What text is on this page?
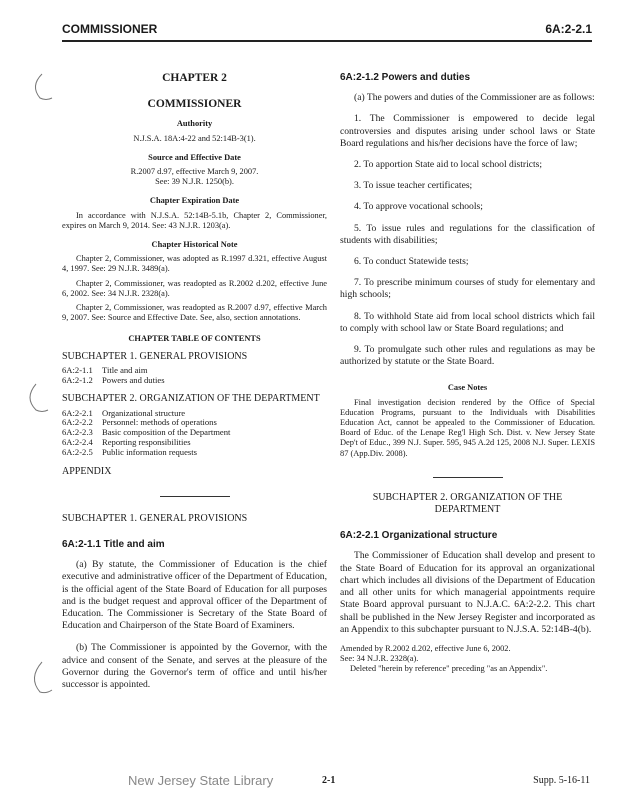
COMMISSIONER	6A:2-2.1

CHAPTER 2

COMMISSIONER

Authority

N.J.S.A. 18A:4-22 and 52:14B-3(1).

Source and Effective Date

R.2007 d.97, effective March 9, 2007.

See: 39 N.J.R. 1250(b).

Chapter Expiration Date

In accordance with N.J.S.A. 52:14B-5.1b, Chapter 2, Commissioner, expires on March 9, 2014. See: 43 N.J.R. 1203(a).

Chapter Historical Note

Chapter 2, Commissioner, was adopted as R.1997 d.321, effective August 4, 1997. See: 29 N.J.R. 3489(a).

Chapter 2, Commissioner, was readopted as R.2002 d.202, effective June 6, 2002. See: 34 N.J.R. 2328(a).

Chapter 2, Commissioner, was readopted as R.2007 d.97, effective March 9, 2007. See: Source and Effective Date. See, also, section annotations.

CHAPTER TABLE OF CONTENTS

SUBCHAPTER 1. GENERAL PROVISIONS

6A:2-1.1	Title and aim
6A:2-1.2	Powers and duties

SUBCHAPTER 2. ORGANIZATION OF THE DEPARTMENT

6A:2-2.1	Organizational structure
6A:2-2.2	Personnel: methods of operations
6A:2-2.3	Basic composition of the Department
6A:2-2.4	Reporting responsibilities
6A:2-2.5	Public information requests

APPENDIX

SUBCHAPTER 1. GENERAL PROVISIONS

6A:2-1.1 Title and aim

(a) By statute, the Commissioner of Education is the chief executive and administrative officer of the Department of Education, is the official agent of the State Board of Education for all purposes and is the budget request and approval officer of the Department of Education. The Commissioner is Secretary of the State Board of Education and Chairperson of the State Board of Examiners.

(b) The Commissioner is appointed by the Governor, with the advice and consent of the Senate, and serves at the pleasure of the Governor during the Governor's term of office and until his/her successor is appointed.

6A:2-1.2 Powers and duties

(a) The powers and duties of the Commissioner are as follows:

1. The Commissioner is empowered to decide legal controversies and disputes arising under school laws or State Board regulations and his/her decisions have the force of law;

2. To apportion State aid to local school districts;

3. To issue teacher certificates;

4. To approve vocational schools;

5. To issue rules and regulations for the classification of students with disabilities;

6. To conduct Statewide tests;

7. To prescribe minimum courses of study for elementary and high schools;

8. To withhold State aid from local school districts which fail to comply with school law or State Board regulations; and

9. To promulgate such other rules and regulations as may be authorized by statute or the State Board.

Case Notes

Final investigation decision rendered by the Office of Special Education Programs, pursuant to the Individuals with Disabilities Education Act, cannot be appealed to the Commissioner of Education. Board of Educ. of the Lenape Reg'l High Sch. Dist. v. New Jersey State Dep't of Educ., 399 N.J. Super. 595, 945 A.2d 125, 2008 N.J. Super. LEXIS 87 (App.Div. 2008).

SUBCHAPTER 2. ORGANIZATION OF THE DEPARTMENT

6A:2-2.1 Organizational structure

The Commissioner of Education shall develop and present to the State Board of Education for its approval an organizational chart which includes all divisions of the Department of Education and all other units for which managerial appointments require State Board approval pursuant to N.J.A.C. 6A:2-2.2. This chart shall be published in the New Jersey Register and incorporated as an Appendix to this subchapter pursuant to N.J.S.A. 52:14B-4(b).

Amended by R.2002 d.202, effective June 6, 2002.

See: 34 N.J.R. 2328(a).

Deleted "herein by reference" preceding "as an Appendix".

New Jersey State Library	2-1	Supp. 5-16-11
